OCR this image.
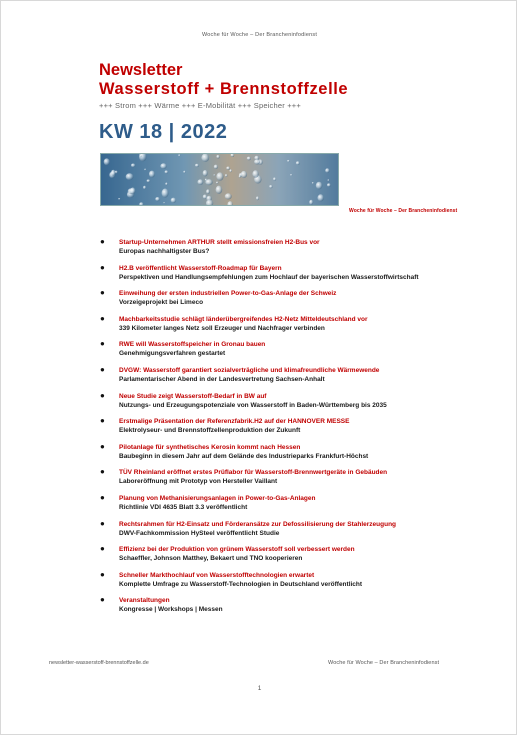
Woche für Woche – Der Brancheninfodienst
Newsletter
Wasserstoff + Brennstoffzelle
+++ Strom +++ Wärme +++ E-Mobilität +++ Speicher +++
KW 18 | 2022
Woche für Woche – Der Brancheninfodienst
● Startup-Unternehmen ARTHUR stellt emissionsfreien H2-Bus vor
Europas nachhaltigster Bus?
● H2.B veröffentlicht Wasserstoff-Roadmap für Bayern
Perspektiven und Handlungsempfehlungen zum Hochlauf der bayerischen Wasserstoffwirtschaft
● Einweihung der ersten industriellen Power-to-Gas-Anlage der Schweiz
Vorzeigeprojekt bei Limeco
● Machbarkeitsstudie schlägt länderübergreifendes H2-Netz Mitteldeutschland vor
339 Kilometer langes Netz soll Erzeuger und Nachfrager verbinden
● RWE will Wasserstoffspeicher in Gronau bauen
Genehmigungsverfahren gestartet
● DVGW: Wasserstoff garantiert sozialverträgliche und klimafreundliche Wärmewende
Parlamentarischer Abend in der Landesvertretung Sachsen-Anhalt
● Neue Studie zeigt Wasserstoff-Bedarf in BW auf
Nutzungs- und Erzeugungspotenziale von Wasserstoff in Baden-Württemberg bis 2035
● Erstmalige Präsentation der Referenzfabrik.H2 auf der HANNOVER MESSE
Elektrolyseur- und Brennstoffzellenproduktion der Zukunft
● Pilotanlage für synthetisches Kerosin kommt nach Hessen
Baubeginn in diesem Jahr auf dem Gelände des Industrieparks Frankfurt-Höchst
● TÜV Rheinland eröffnet erstes Prüflabor für Wasserstoff-Brennwertgeräte in Gebäuden
Laboreröffnung mit Prototyp von Hersteller Vaillant
● Planung von Methanisierungsanlagen in Power-to-Gas-Anlagen
Richtlinie VDI 4635 Blatt 3.3 veröffentlicht
● Rechtsrahmen für H2-Einsatz und Förderansätze zur Defossilisierung der Stahlerzeugung
DWV-Fachkommission HySteel veröffentlicht Studie
● Effizienz bei der Produktion von grünem Wasserstoff soll verbessert werden
Schaeffler, Johnson Matthey, Bekaert und TNO kooperieren
● Schneller Markthochlauf von Wasserstofftechnologien erwartet
Komplette Umfrage zu Wasserstoff-Technologien in Deutschland veröffentlicht
● Veranstaltungen
Kongresse | Workshops | Messen
newsletter-wasserstoff-brennstoffzelle.de	Woche für Woche – Der Brancheninfodienst
1
